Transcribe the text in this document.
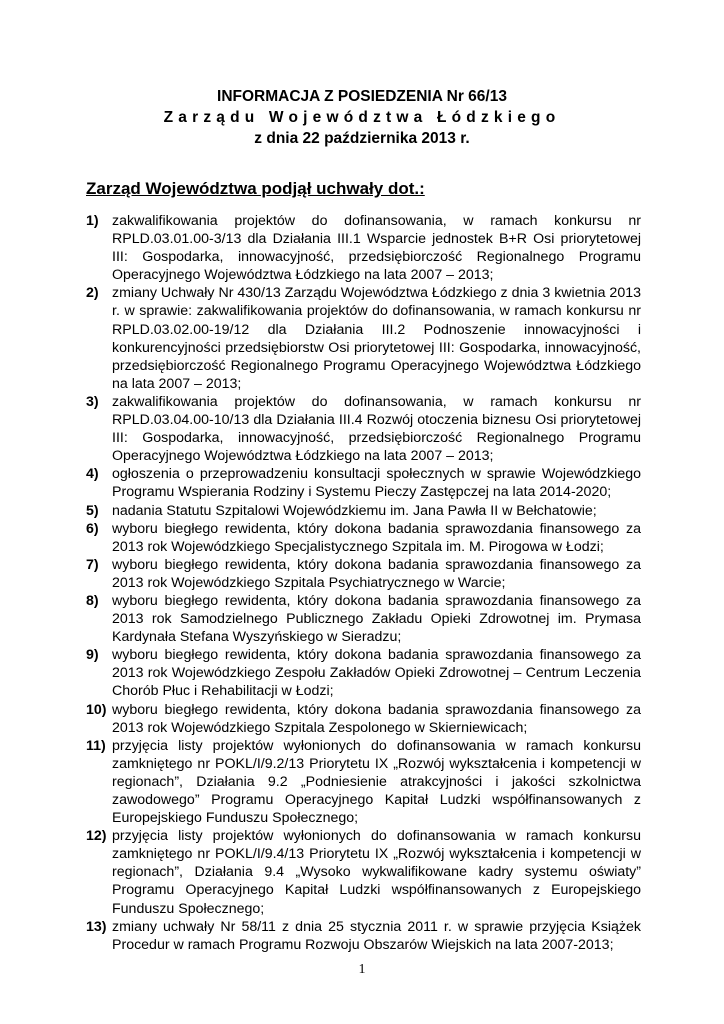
INFORMACJA Z POSIEDZENIA Nr 66/13
Zarządu Województwa Łódzkiego
z dnia 22 października 2013 r.
Zarząd Województwa podjął uchwały dot.:
1) zakwalifikowania projektów do dofinansowania, w ramach konkursu nr RPLD.03.01.00-3/13 dla Działania III.1 Wsparcie jednostek B+R Osi priorytetowej III: Gospodarka, innowacyjność, przedsiębiorczość Regionalnego Programu Operacyjnego Województwa Łódzkiego na lata 2007 – 2013;
2) zmiany Uchwały Nr 430/13 Zarządu Województwa Łódzkiego z dnia 3 kwietnia 2013 r. w sprawie: zakwalifikowania projektów do dofinansowania, w ramach konkursu nr RPLD.03.02.00-19/12 dla Działania III.2 Podnoszenie innowacyjności i konkurencyjności przedsiębiorstw Osi priorytetowej III: Gospodarka, innowacyjność, przedsiębiorczość Regionalnego Programu Operacyjnego Województwa Łódzkiego na lata 2007 – 2013;
3) zakwalifikowania projektów do dofinansowania, w ramach konkursu nr RPLD.03.04.00-10/13 dla Działania III.4 Rozwój otoczenia biznesu Osi priorytetowej III: Gospodarka, innowacyjność, przedsiębiorczość Regionalnego Programu Operacyjnego Województwa Łódzkiego na lata 2007 – 2013;
4) ogłoszenia o przeprowadzeniu konsultacji społecznych w sprawie Wojewódzkiego Programu Wspierania Rodziny i Systemu Pieczy Zastępczej na lata 2014-2020;
5) nadania Statutu Szpitalowi Wojewódzkiemu im. Jana Pawła II w Bełchatowie;
6) wyboru biegłego rewidenta, który dokona badania sprawozdania finansowego za 2013 rok Wojewódzkiego Specjalistycznego Szpitala im. M. Pirogowa w Łodzi;
7) wyboru biegłego rewidenta, który dokona badania sprawozdania finansowego za 2013 rok Wojewódzkiego Szpitala Psychiatrycznego w Warcie;
8) wyboru biegłego rewidenta, który dokona badania sprawozdania finansowego za 2013 rok Samodzielnego Publicznego Zakładu Opieki Zdrowotnej im. Prymasa Kardynała Stefana Wyszyńskiego w Sieradzu;
9) wyboru biegłego rewidenta, który dokona badania sprawozdania finansowego za 2013 rok Wojewódzkiego Zespołu Zakładów Opieki Zdrowotnej – Centrum Leczenia Chorób Płuc i Rehabilitacji w Łodzi;
10) wyboru biegłego rewidenta, który dokona badania sprawozdania finansowego za 2013 rok Wojewódzkiego Szpitala Zespolonego w Skierniewicach;
11) przyjęcia listy projektów wyłonionych do dofinansowania w ramach konkursu zamkniętego nr POKL/I/9.2/13 Priorytetu IX „Rozwój wykształcenia i kompetencji w regionach”, Działania 9.2 „Podniesienie atrakcyjności i jakości szkolnictwa zawodowego” Programu Operacyjnego Kapitał Ludzki współfinansowanych z Europejskiego Funduszu Społecznego;
12) przyjęcia listy projektów wyłonionych do dofinansowania w ramach konkursu zamkniętego nr POKL/I/9.4/13 Priorytetu IX „Rozwój wykształcenia i kompetencji w regionach”, Działania 9.4 „Wysoko wykwalifikowane kadry systemu oświaty” Programu Operacyjnego Kapitał Ludzki współfinansowanych z Europejskiego Funduszu Społecznego;
13) zmiany uchwały Nr 58/11 z dnia 25 stycznia 2011 r. w sprawie przyjęcia Książek Procedur w ramach Programu Rozwoju Obszarów Wiejskich na lata 2007-2013;
1
